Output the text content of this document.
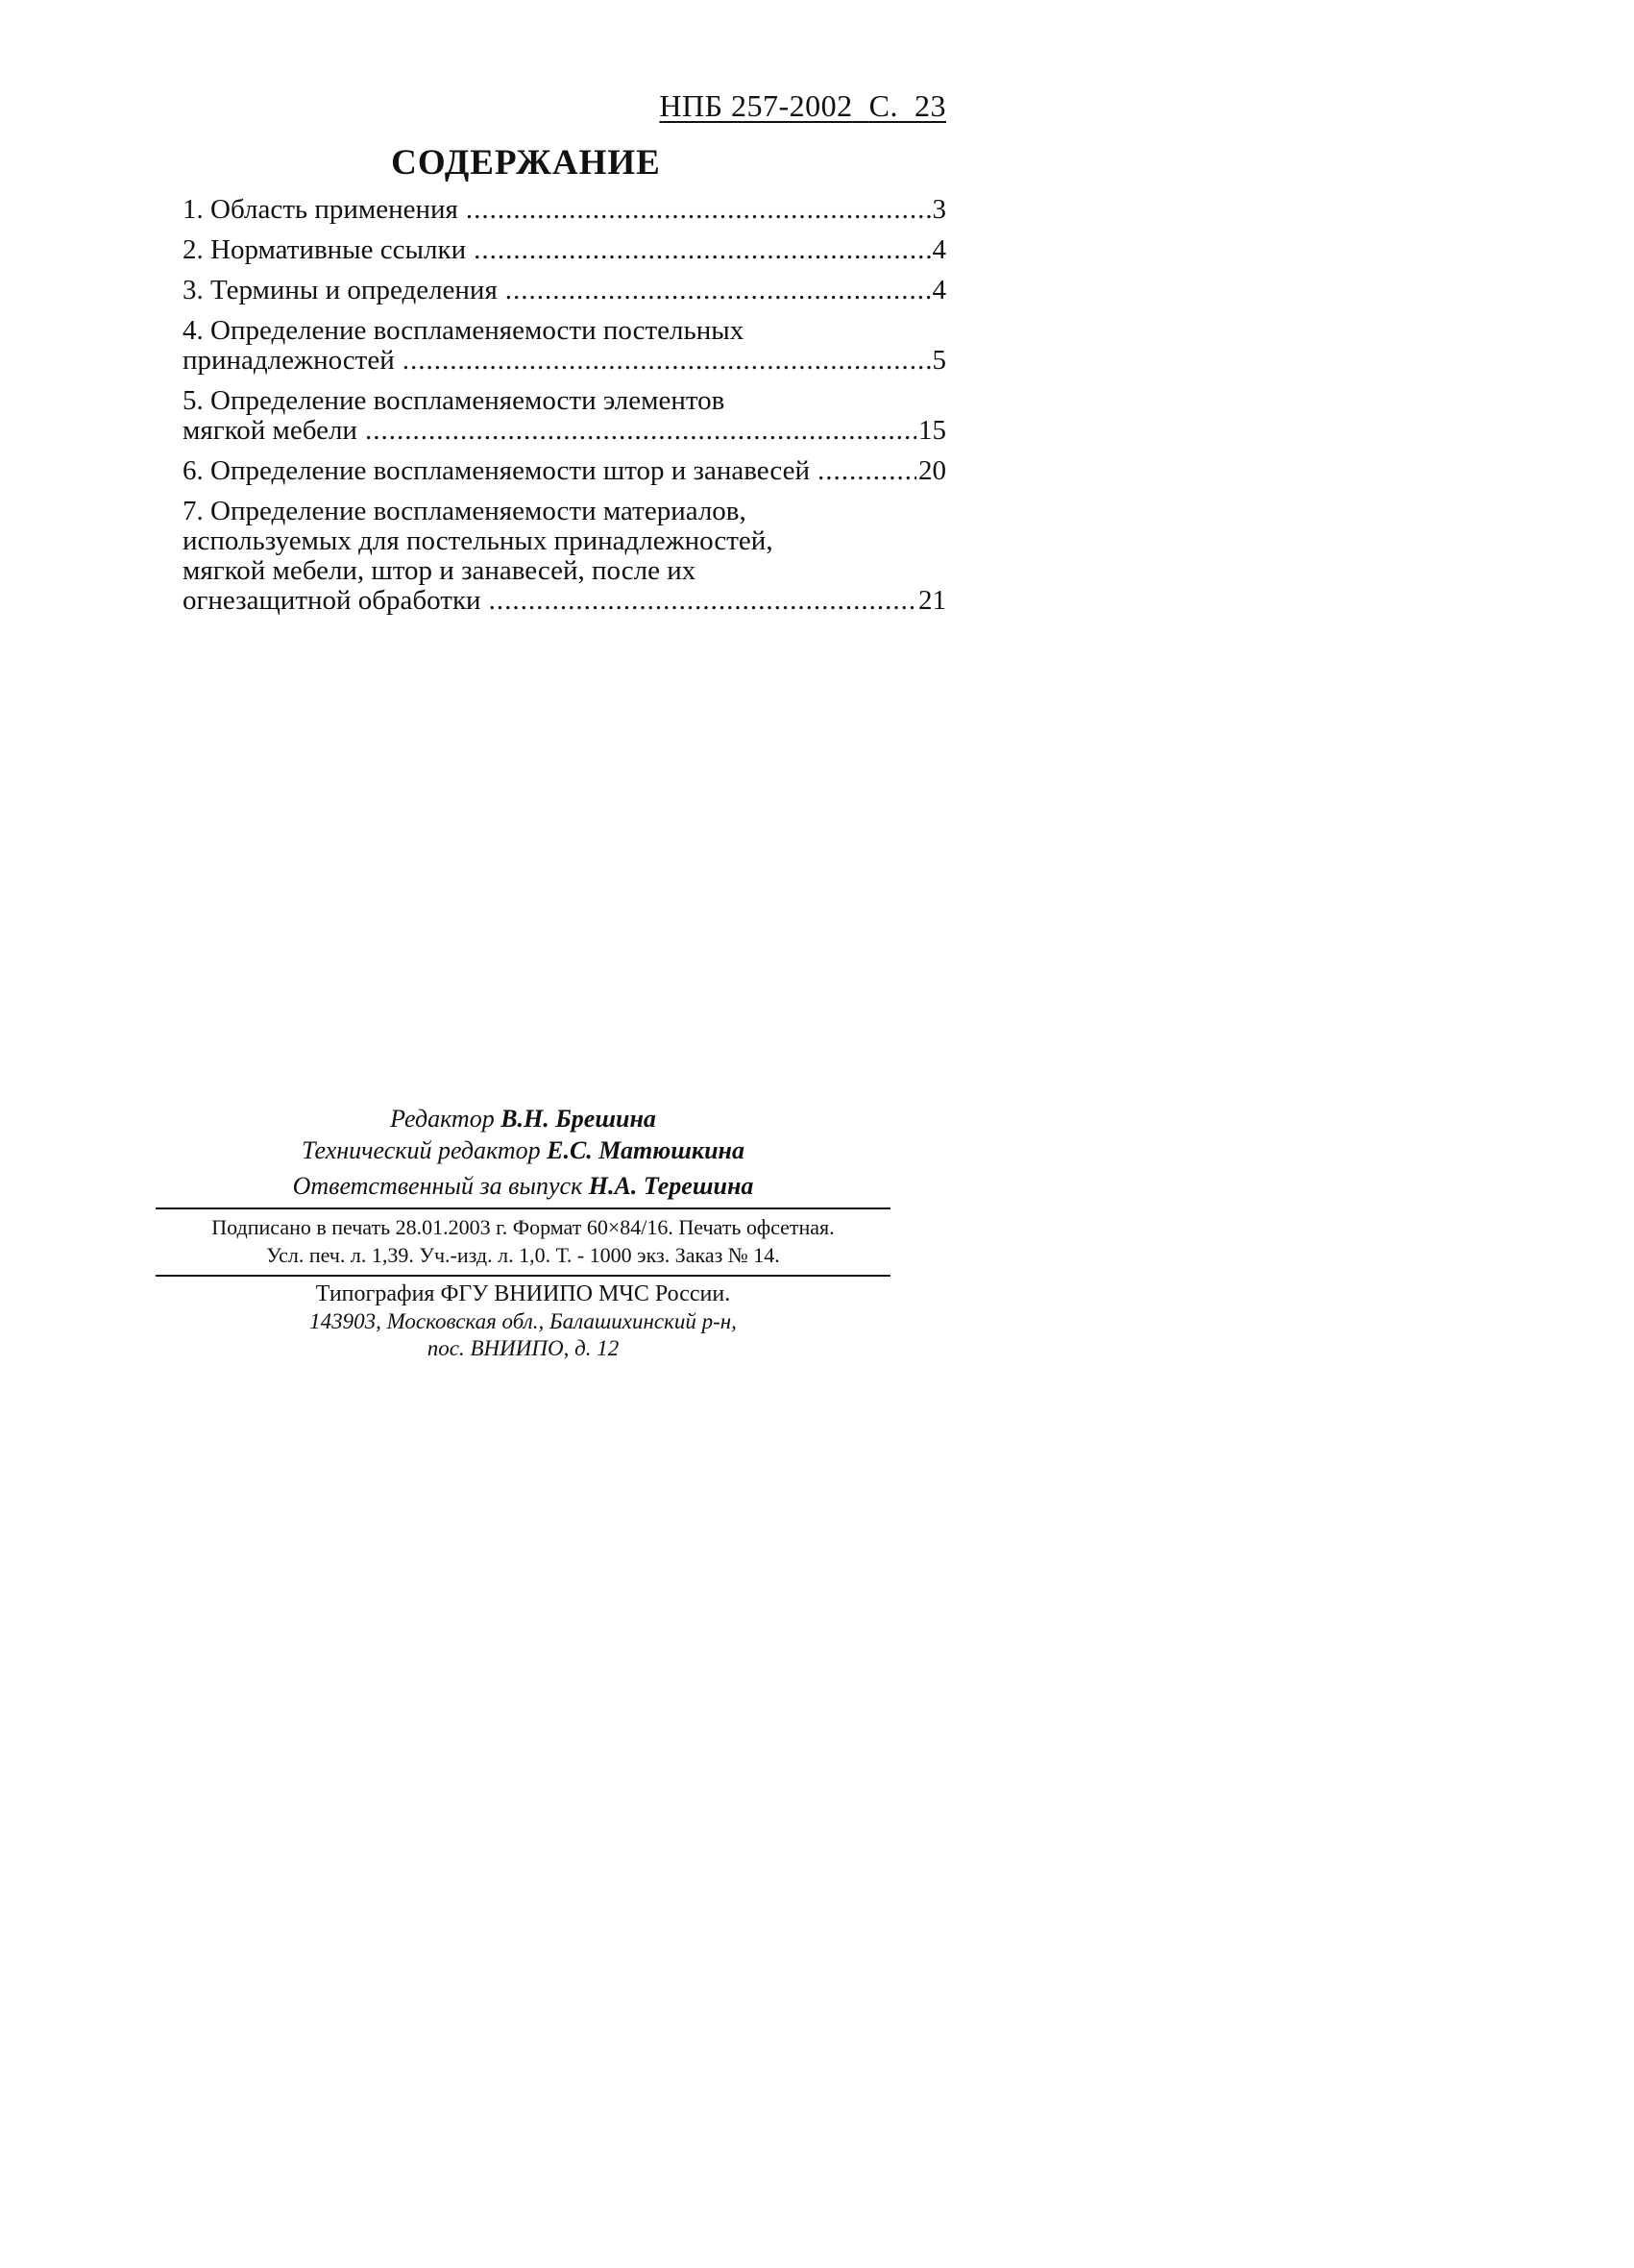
НПБ 257-2002 С. 23
СОДЕРЖАНИЕ
1. Область применения .....	3
2. Нормативные ссылки .....	4
3. Термины и определения .....	4
4. Определение воспламеняемости постельных
принадлежностей .....	5
5. Определение воспламеняемости элементов
мягкой мебели .....	15
6. Определение воспламеняемости штор и занавесей .....	20
7. Определение воспламеняемости материалов,
используемых для постельных принадлежностей,
мягкой мебели, штор и занавесей, после их
огнезащитной обработки .....	21
Редактор В.Н. Брешина
Технический редактор Е.С. Матюшкина
Ответственный за выпуск Н.А. Терешина
Подписано в печать 28.01.2003 г. Формат 60×84/16. Печать офсетная.
Усл. печ. л. 1,39. Уч.-изд. л. 1,0. Т. - 1000 экз. Заказ № 14.
Типография ФГУ ВНИИПО МЧС России.
143903, Московская обл., Балашихинский р-н,
пос. ВНИИПО, д. 12
